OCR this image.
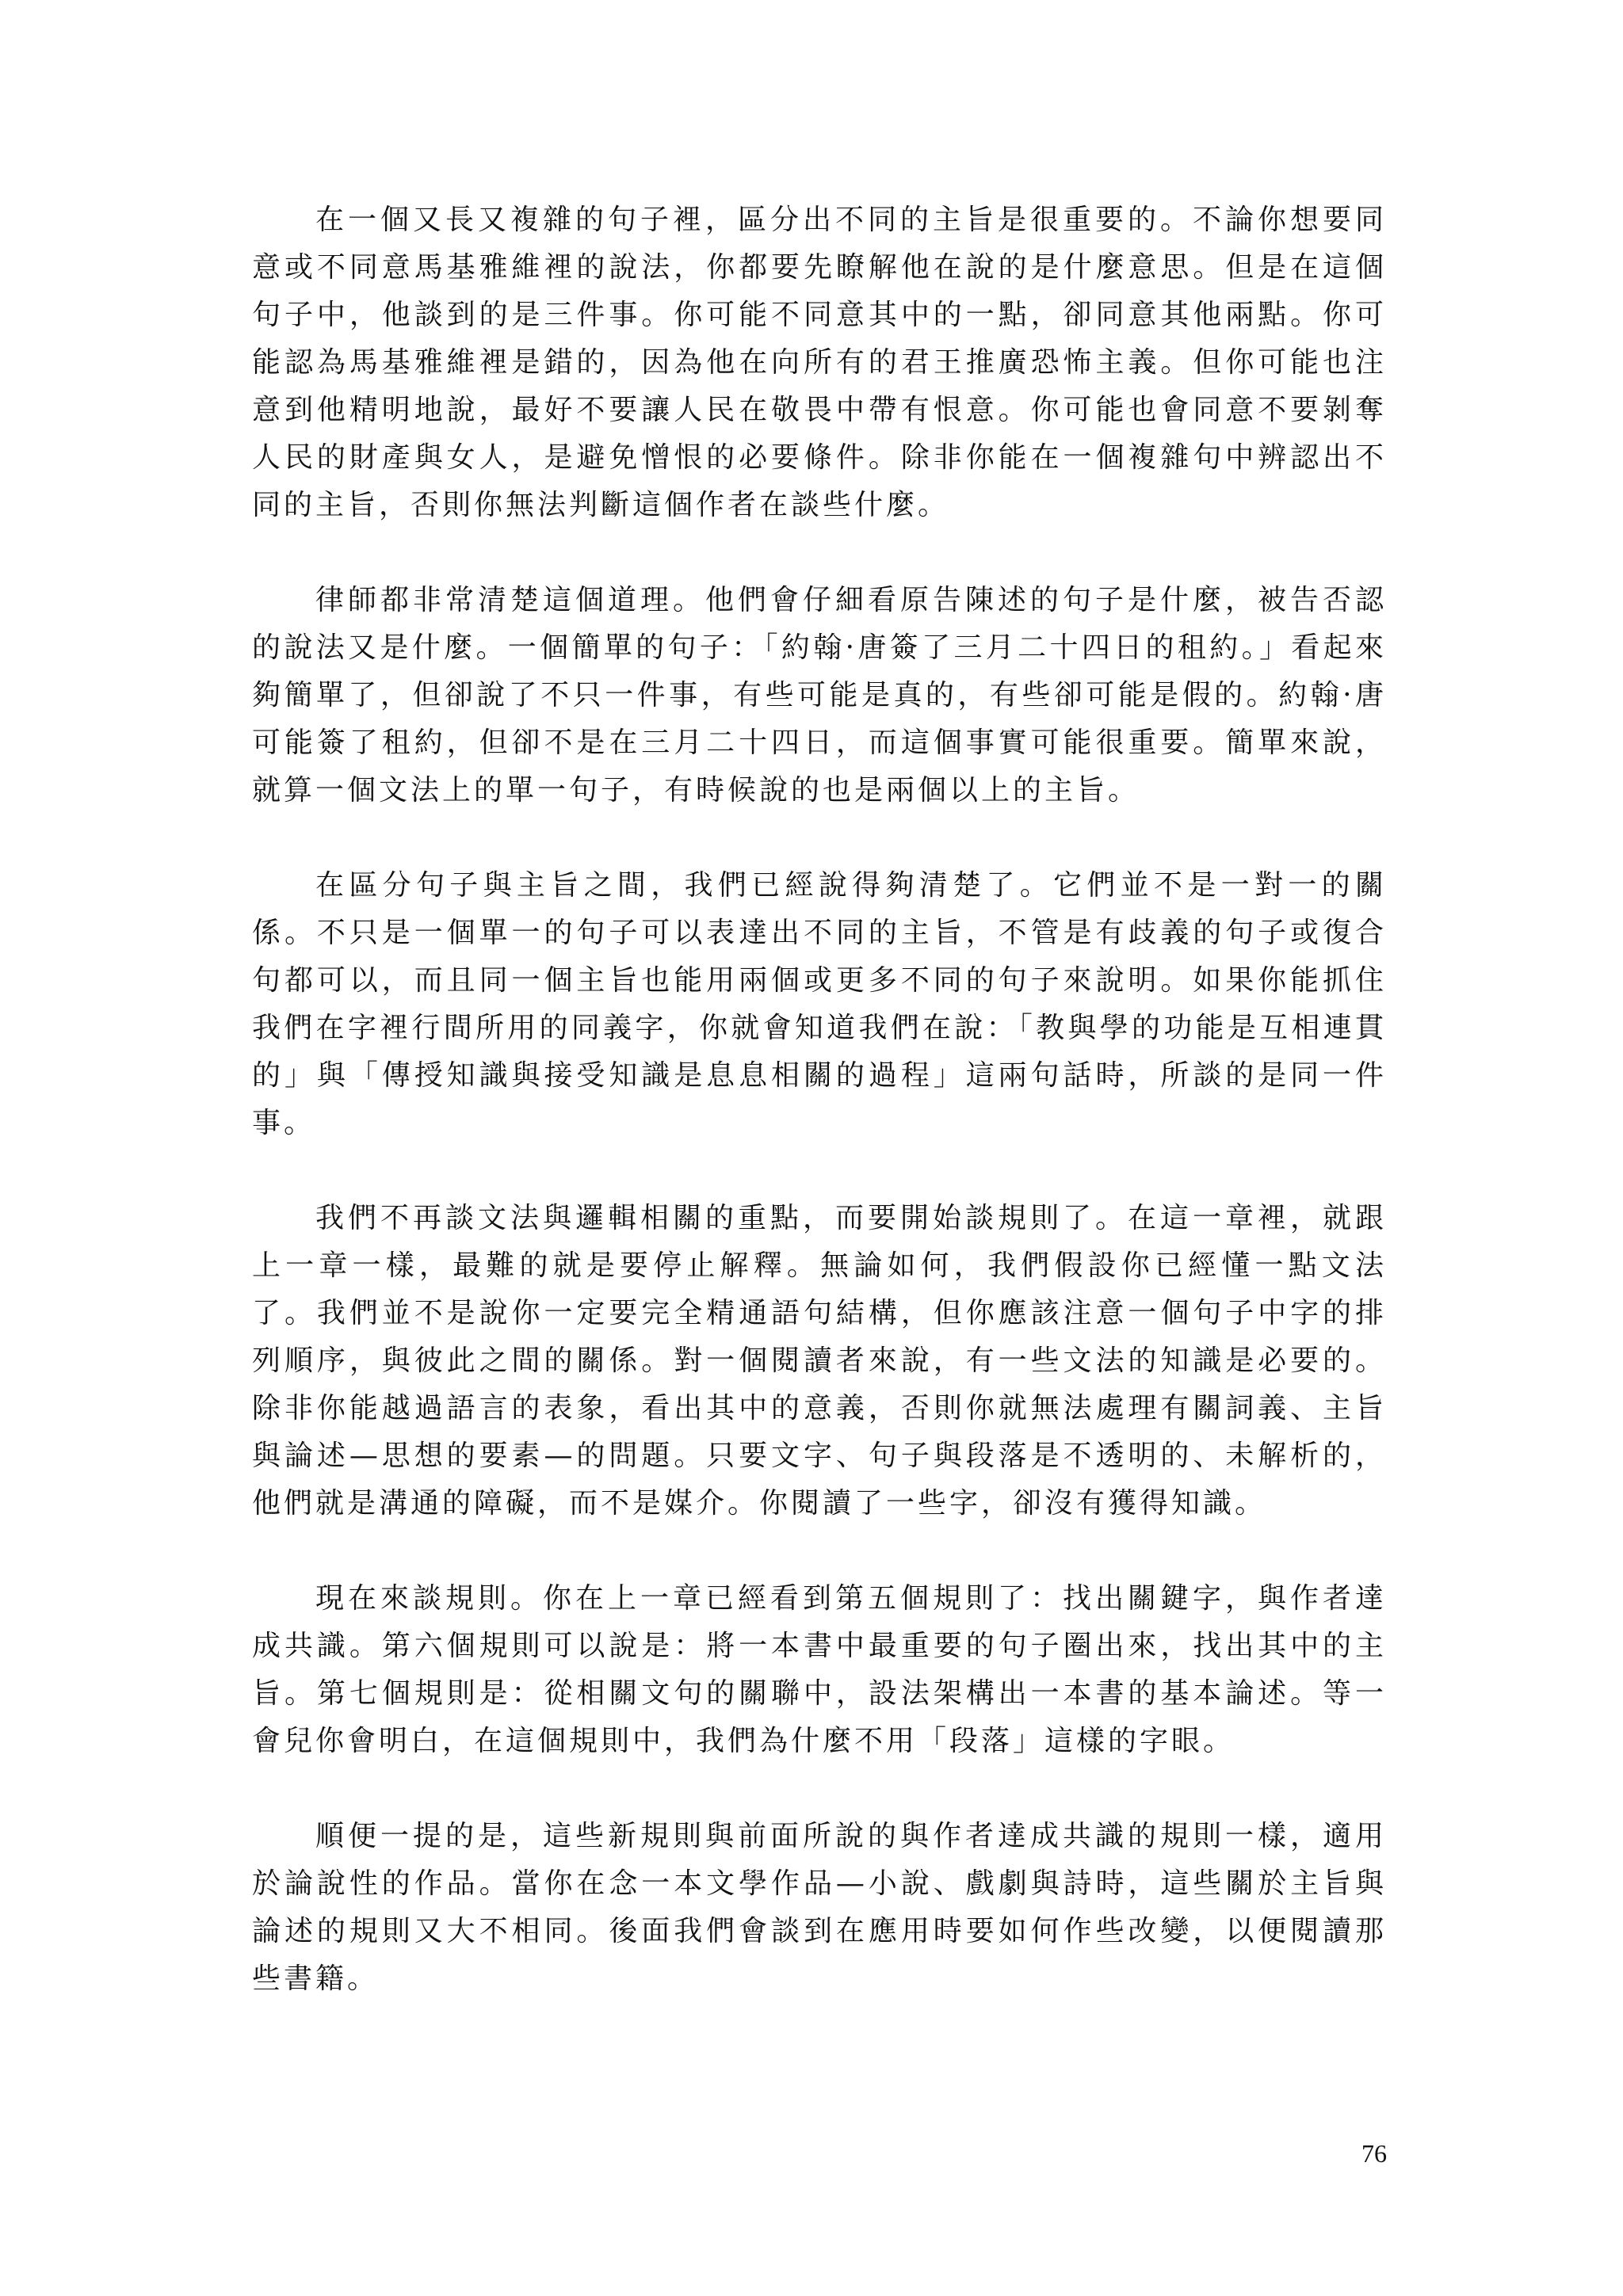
在一個又長又複雜的句子裡，區分出不同的主旨是很重要的。不論你想要同意或不同意馬基雅維裡的說法，你都要先瞭解他在說的是什麼意思。但是在這個句子中，他談到的是三件事。你可能不同意其中的一點，卻同意其他兩點。你可能認為馬基雅維裡是錯的，因為他在向所有的君王推廣恐怖主義。但你可能也注意到他精明地說，最好不要讓人民在敬畏中帶有恨意。你可能也會同意不要剝奪人民的財產與女人，是避免憎恨的必要條件。除非你能在一個複雜句中辨認出不同的主旨，否則你無法判斷這個作者在談些什麼。

律師都非常清楚這個道理。他們會仔細看原告陳述的句子是什麼，被告否認的說法又是什麼。一個簡單的句子：「約翰·唐簽了三月二十四日的租約。」看起來夠簡單了，但卻說了不只一件事，有些可能是真的，有些卻可能是假的。約翰·唐可能簽了租約，但卻不是在三月二十四日，而這個事實可能很重要。簡單來說，就算一個文法上的單一句子，有時候說的也是兩個以上的主旨。

在區分句子與主旨之間，我們已經說得夠清楚了。它們並不是一對一的關係。不只是一個單一的句子可以表達出不同的主旨，不管是有歧義的句子或復合句都可以，而且同一個主旨也能用兩個或更多不同的句子來說明。如果你能抓住我們在字裡行間所用的同義字，你就會知道我們在說：「教與學的功能是互相連貫的」與「傳授知識與接受知識是息息相關的過程」這兩句話時，所談的是同一件事。

我們不再談文法與邏輯相關的重點，而要開始談規則了。在這一章裡，就跟上一章一樣，最難的就是要停止解釋。無論如何，我們假設你已經懂一點文法了。我們並不是說你一定要完全精通語句結構，但你應該注意一個句子中字的排列順序，與彼此之間的關係。對一個閱讀者來說，有一些文法的知識是必要的。除非你能越過語言的表象，看出其中的意義，否則你就無法處理有關詞義、主旨與論述—思想的要素—的問題。只要文字、句子與段落是不透明的、未解析的，他們就是溝通的障礙，而不是媒介。你閱讀了一些字，卻沒有獲得知識。

現在來談規則。你在上一章已經看到第五個規則了：找出關鍵字，與作者達成共識。第六個規則可以說是：將一本書中最重要的句子圈出來，找出其中的主旨。第七個規則是：從相關文句的關聯中，設法架構出一本書的基本論述。等一會兒你會明白，在這個規則中，我們為什麼不用「段落」這樣的字眼。

順便一提的是，這些新規則與前面所說的與作者達成共識的規則一樣，適用於論說性的作品。當你在念一本文學作品—小說、戲劇與詩時，這些關於主旨與論述的規則又大不相同。後面我們會談到在應用時要如何作些改變，以便閱讀那些書籍。

76
